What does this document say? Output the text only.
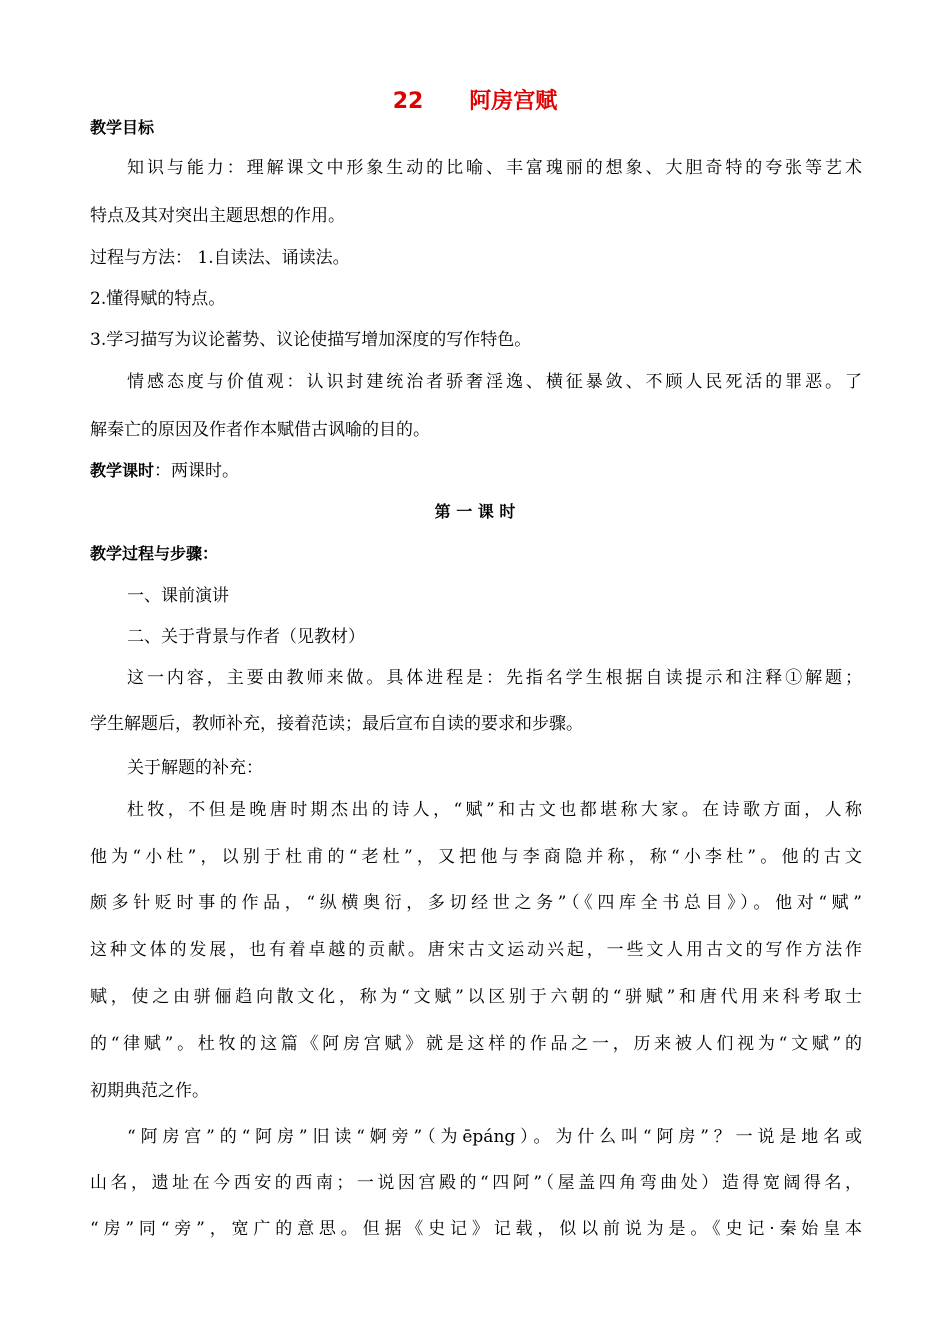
22      阿房宫赋
教学目标
知识与能力：理解课文中形象生动的比喻、丰富瑰丽的想象、大胆奇特的夸张等艺术
特点及其对突出主题思想的作用。
过程与方法： 1.自读法、诵读法。
2.懂得赋的特点。
3.学习描写为议论蓄势、议论使描写增加深度的写作特色。
情感态度与价值观：认识封建统治者骄奢淫逸、横征暴敛、不顾人民死活的罪恶。了
解秦亡的原因及作者作本赋借古讽喻的目的。
教学课时：两课时。
第 一 课 时
教学过程与步骤：
一、课前演讲
二、关于背景与作者（见教材）
这一内容，主要由教师来做。具体进程是：先指名学生根据自读提示和注释①解题；
学生解题后，教师补充，接着范读；最后宣布自读的要求和步骤。
关于解题的补充：
杜牧，不但是晚唐时期杰出的诗人，“赋”和古文也都堪称大家。在诗歌方面，人称
他为“小杜”，以别于杜甫的“老杜”，又把他与李商隐并称，称“小李杜”。他的古文
颇多针贬时事的作品，“纵横奥衍，多切经世之务”（《四库全书总目》）。他对“赋”
这种文体的发展，也有着卓越的贡献。唐宋古文运动兴起，一些文人用古文的写作方法作
赋，使之由骈俪趋向散文化，称为“文赋”以区别于六朝的“骈赋”和唐代用来科考取士
的“律赋”。杜牧的这篇《阿房宫赋》就是这样的作品之一，历来被人们视为“文赋”的
初期典范之作。
“阿房宫”的“阿房”旧读“婀旁”（为ēpáng）。为什么叫“阿房”？一说是地名或
山名，遗址在今西安的西南；一说因宫殿的“四阿”（屋盖四角弯曲处）造得宽阔得名，
“房”同“旁”，宽广的意思。但据《史记》记载，似以前说为是。《史记·秦始皇本
